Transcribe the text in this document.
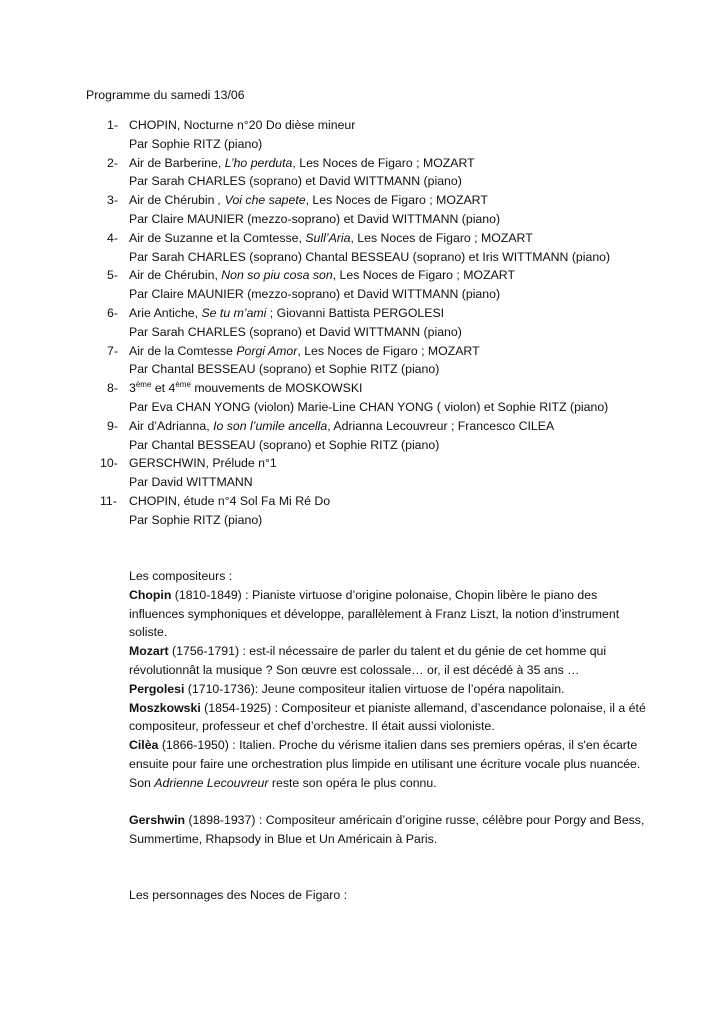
Programme du samedi 13/06
1- CHOPIN, Nocturne n°20 Do dièse mineur
Par Sophie RITZ (piano)
2- Air de Barberine, L’ho perduta, Les Noces de Figaro ; MOZART
Par Sarah CHARLES (soprano) et David WITTMANN (piano)
3- Air de Chérubin , Voi che sapete, Les Noces de Figaro ; MOZART
Par Claire MAUNIER (mezzo-soprano) et David WITTMANN (piano)
4- Air de Suzanne et la Comtesse, Sull’Aria, Les Noces de Figaro ; MOZART
Par Sarah CHARLES (soprano) Chantal BESSEAU (soprano) et Iris WITTMANN (piano)
5- Air de Chérubin, Non so piu cosa son, Les Noces de Figaro ; MOZART
Par Claire MAUNIER (mezzo-soprano) et David WITTMANN (piano)
6- Arie Antiche, Se tu m’ami ; Giovanni Battista PERGOLESI
Par Sarah CHARLES (soprano) et David WITTMANN (piano)
7- Air de la Comtesse Porgi Amor, Les Noces de Figaro ; MOZART
Par Chantal BESSEAU (soprano) et Sophie RITZ (piano)
8- 3ème et 4ème mouvements de MOSKOWSKI
Par Eva CHAN YONG (violon) Marie-Line CHAN YONG ( violon) et Sophie RITZ (piano)
9- Air d’Adrianna, Io son l’umile ancella, Adrianna Lecouvreur ; Francesco CILEA
Par Chantal BESSEAU (soprano) et Sophie RITZ (piano)
10- GERSCHWIN, Prélude n°1
Par David WITTMANN
11- CHOPIN, étude n°4 Sol Fa Mi Ré Do
Par Sophie RITZ (piano)

Les compositeurs :

Chopin (1810-1849) : Pianiste virtuose d’origine polonaise, Chopin libère le piano des influences symphoniques et développe, parallèlement à Franz Liszt, la notion d’instrument soliste.

Mozart (1756-1791) : est-il nécessaire de parler du talent et du génie de cet homme qui révolutionnât la musique ? Son œuvre est colossale… or, il est décédé à 35 ans …

Pergolesi (1710-1736): Jeune compositeur italien virtuose de l’opéra napolitain.

Moszkowski (1854-1925) : Compositeur et pianiste allemand, d’ascendance polonaise, il a été compositeur, professeur et chef d’orchestre. Il était aussi violoniste.

Cilèa (1866-1950) : Italien. Proche du vérisme italien dans ses premiers opéras, il s'en écarte ensuite pour faire une orchestration plus limpide en utilisant une écriture vocale plus nuancée. Son Adrienne Lecouvreur reste son opéra le plus connu.

Gershwin (1898-1937) : Compositeur américain d’origine russe, célèbre pour Porgy and Bess, Summertime, Rhapsody in Blue et Un Américain à Paris.

Les personnages des Noces de Figaro :
